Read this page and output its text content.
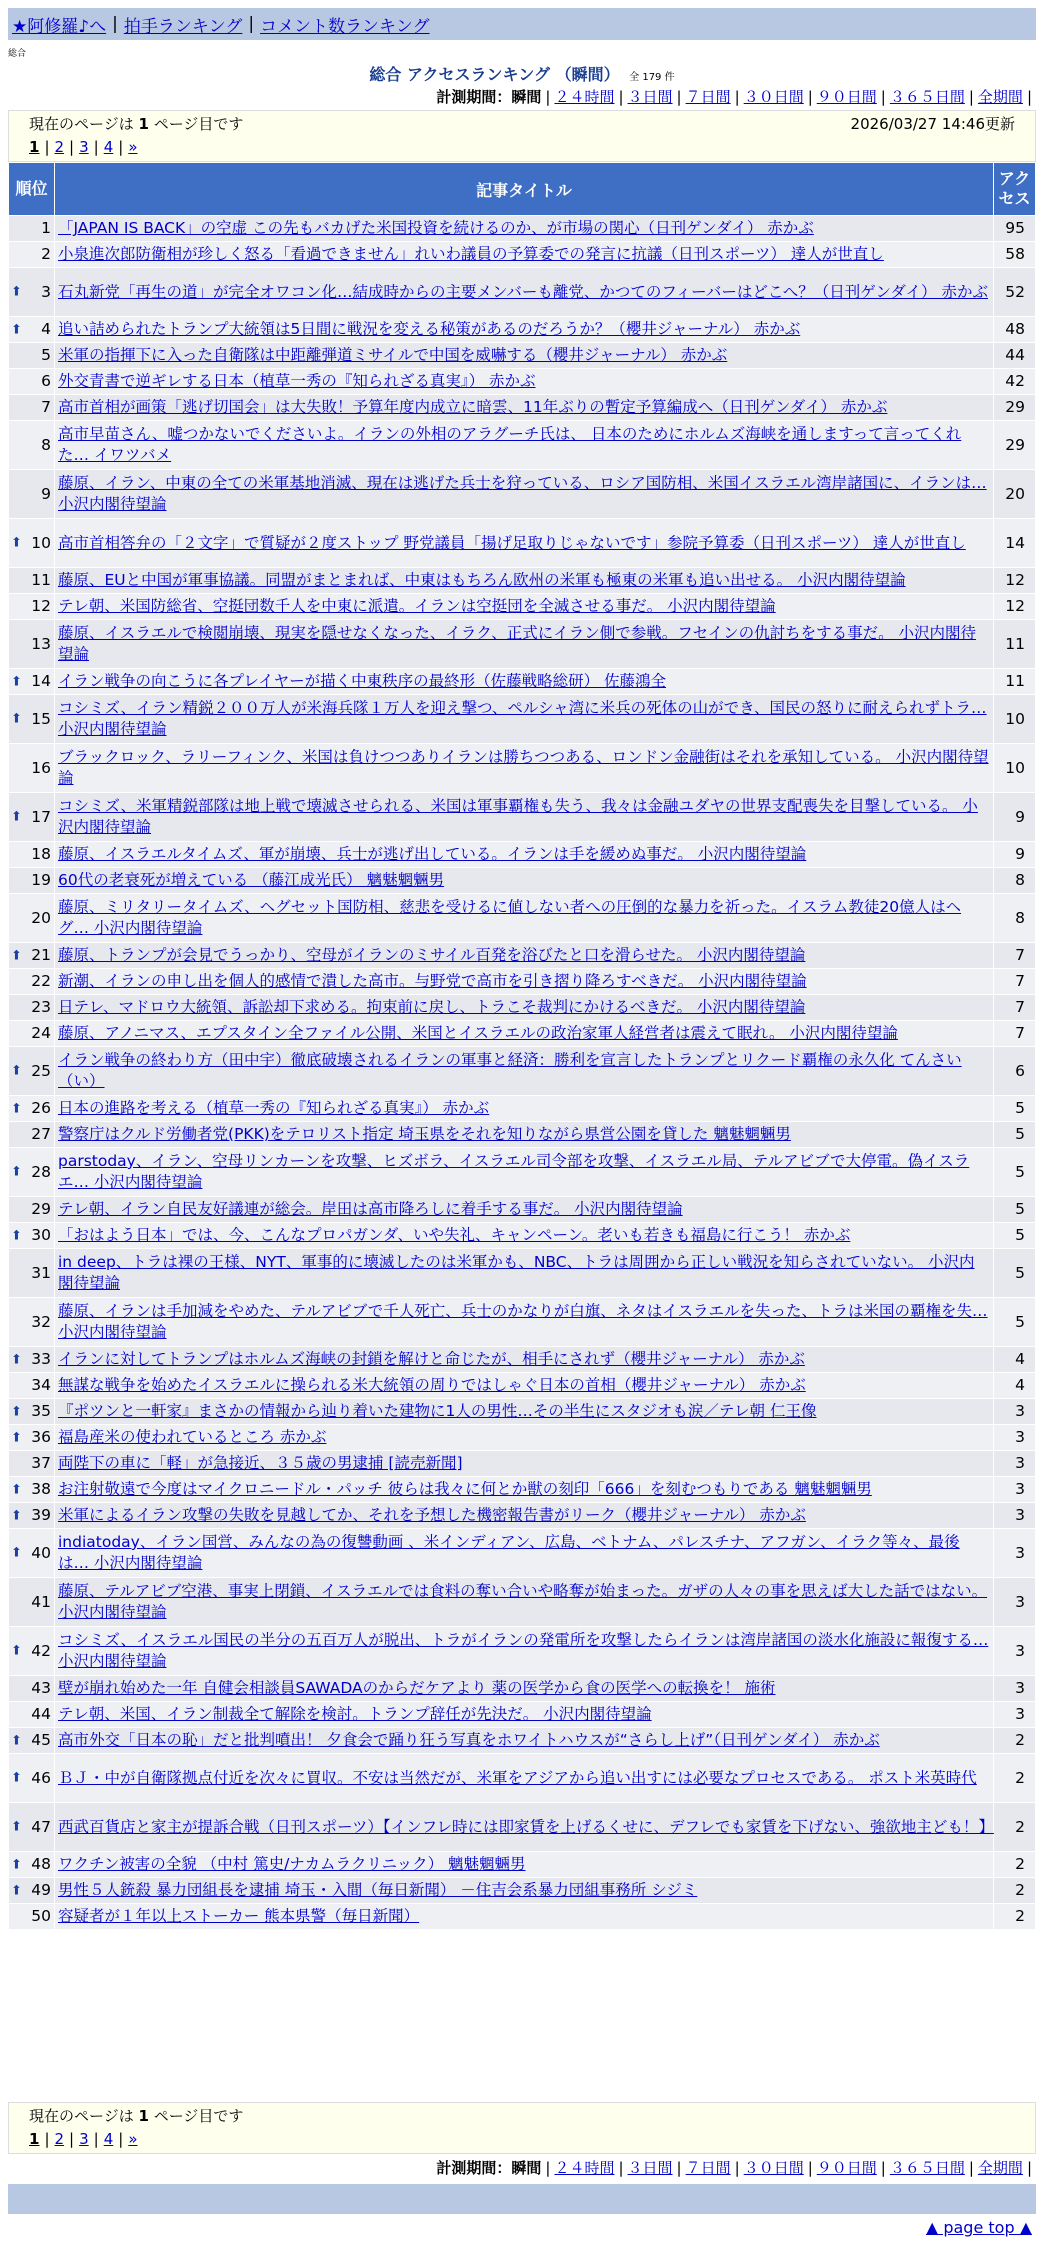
★阿修羅♪へ | 拍手ランキング | コメント数ランキング
総合
総合 アクセスランキング （瞬間） 全 179 件
計測期間：瞬間 | ２４時間 | ３日間 | ７日間 | ３０日間 | ９０日間 | ３６５日間 | 全期間 |
現在のページは 1 ページ目です	2026/03/27 14:46更新
1 | 2 | 3 | 4 | »
順位	記事タイトル	アクセス
1	「JAPAN IS BACK」の空虚 この先もバカげた米国投資を続けるのか、が市場の関心（日刊ゲンダイ） 赤かぶ	95
2	小泉進次郎防衛相が珍しく怒る「看過できません」れいわ議員の予算委での発言に抗議（日刊スポーツ） 達人が世直し	58

⬆ 3	石丸新党「再生の道」が完全オワコン化…結成時からの主要メンバーも離党、かつてのフィーバーはどこへ？（日刊ゲンダイ） 赤かぶ	52

⬆ 4	追い詰められたトランプ大統領は5日間に戦況を変える秘策があるのだろうか？（櫻井ジャーナル） 赤かぶ	48
5	米軍の指揮下に入った自衛隊は中距離弾道ミサイルで中国を威嚇する（櫻井ジャーナル） 赤かぶ	44
6	外交青書で逆ギレする日本（植草一秀の『知られざる真実』） 赤かぶ	42
7	高市首相が画策「逃げ切国会」は大失敗！予算年度内成立に暗雲、11年ぶりの暫定予算編成へ（日刊ゲンダイ） 赤かぶ	29
8	高市早苗さん、嘘つかないでくださいよ。イランの外相のアラグーチ氏は、 日本のためにホルムズ海峡を通しますって言ってくれた… イワツバメ	29
9	藤原、イラン、中東の全ての米軍基地消滅、現在は逃げた兵士を狩っている、ロシア国防相、米国イスラエル湾岸諸国に、イランは… 小沢内閣待望論	20

⬆ 10	高市首相答弁の「２文字」で質疑が２度ストップ 野党議員「揚げ足取りじゃないです」参院予算委（日刊スポーツ） 達人が世直し	14
11	藤原、EUと中国が軍事協議。同盟がまとまれば、中東はもちろん欧州の米軍も極東の米軍も追い出せる。 小沢内閣待望論	12
12	テレ朝、米国防総省、空挺団数千人を中東に派遣。イランは空挺団を全滅させる事だ。 小沢内閣待望論	12
13	藤原、イスラエルで検閲崩壊、現実を隠せなくなった、イラク、正式にイラン側で参戦。フセインの仇討ちをする事だ。 小沢内閣待望論	11

⬆ 14	イラン戦争の向こうに各プレイヤーが描く中東秩序の最終形（佐藤戦略総研） 佐藤鴻全	11

⬆ 15	コシミズ、イラン精鋭２００万人が米海兵隊１万人を迎え撃つ、ペルシャ湾に米兵の死体の山ができ、国民の怒りに耐えられずトラ… 小沢内閣待望論	10
16	ブラックロック、ラリーフィンク、米国は負けつつありイランは勝ちつつある、ロンドン金融街はそれを承知している。 小沢内閣待望論	10

⬆ 17	コシミズ、米軍精鋭部隊は地上戦で壊滅させられる、米国は軍事覇権も失う、我々は金融ユダヤの世界支配喪失を目撃している。 小沢内閣待望論	9
18	藤原、イスラエルタイムズ、軍が崩壊、兵士が逃げ出している。イランは手を緩めぬ事だ。 小沢内閣待望論	9
19	60代の老衰死が増えている （藤江成光氏） 魑魅魍魎男	8
20	藤原、ミリタリータイムズ、ヘグセット国防相、慈悲を受けるに値しない者への圧倒的な暴力を祈った。イスラム教徒20億人はヘグ… 小沢内閣待望論	8

⬆ 21	藤原、トランプが会見でうっかり、空母がイランのミサイル百発を浴びたと口を滑らせた。 小沢内閣待望論	7
22	新潮、イランの申し出を個人的感情で潰した高市。与野党で高市を引き摺り降ろすべきだ。 小沢内閣待望論	7
23	日テレ、マドロウ大統領、訴訟却下求める。拘束前に戻し、トラこそ裁判にかけるべきだ。 小沢内閣待望論	7
24	藤原、アノニマス、エプスタイン全ファイル公開、米国とイスラエルの政治家軍人経営者は震えて眠れ。 小沢内閣待望論	7

⬆ 25	イラン戦争の終わり方（田中宇）徹底破壊されるイランの軍事と経済：勝利を宣言したトランプとリクード覇権の永久化 てんさい（い）	6

⬆ 26	日本の進路を考える（植草一秀の『知られざる真実』） 赤かぶ	5
27	警察庁はクルド労働者党(PKK)をテロリスト指定 埼玉県をそれを知りながら県営公園を貸した 魑魅魍魎男	5

⬆ 28	parstoday、イラン、空母リンカーンを攻撃、ヒズボラ、イスラエル司令部を攻撃、イスラエル局、テルアビブで大停電。偽イスラエ… 小沢内閣待望論	5
29	テレ朝、イラン自民友好議連が総会。岸田は高市降ろしに着手する事だ。 小沢内閣待望論	5

⬆ 30	「おはよう日本」では、今、こんなプロパガンダ、いや失礼、キャンペーン。老いも若きも福島に行こう！ 赤かぶ	5
31	in deep、トラは裸の王様、NYT、軍事的に壊滅したのは米軍かも、NBC、トラは周囲から正しい戦況を知らされていない。 小沢内閣待望論	5
32	藤原、イランは手加減をやめた、テルアビブで千人死亡、兵士のかなりが白旗、ネタはイスラエルを失った、トラは米国の覇権を失… 小沢内閣待望論	5

⬆ 33	イランに対してトランプはホルムズ海峡の封鎖を解けと命じたが、相手にされず（櫻井ジャーナル） 赤かぶ	4
34	無謀な戦争を始めたイスラエルに操られる米大統領の周りではしゃぐ日本の首相（櫻井ジャーナル） 赤かぶ	4

⬆ 35	『ポツンと一軒家』まさかの情報から辿り着いた建物に1人の男性…その半生にスタジオも涙／テレ朝 仁王像	3

⬆ 36	福島産米の使われているところ 赤かぶ	3
37	両陛下の車に「軽」が急接近、３５歳の男逮捕 [読売新聞]	3

⬆ 38	お注射敬遠で今度はマイクロニードル・パッチ 彼らは我々に何とか獣の刻印「666」を刻むつもりである 魑魅魍魎男	3

⬆ 39	米軍によるイラン攻撃の失敗を見越してか、それを予想した機密報告書がリーク（櫻井ジャーナル） 赤かぶ	3

⬆ 40	indiatoday、イラン国営、みんなの為の復讐動画 、米インディアン、広島、ベトナム、パレスチナ、アフガン、イラク等々、最後は… 小沢内閣待望論	3
41	藤原、テルアビブ空港、事実上閉鎖、イスラエルでは食料の奪い合いや略奪が始まった。ガザの人々の事を思えば大した話ではない。 小沢内閣待望論	3

⬆ 42	コシミズ、イスラエル国民の半分の五百万人が脱出、トラがイランの発電所を攻撃したらイランは湾岸諸国の淡水化施設に報復する… 小沢内閣待望論	3
43	壁が崩れ始めた一年 自健会相談員SAWADAのからだケアより 薬の医学から食の医学への転換を！ 施術	3
44	テレ朝、米国、イラン制裁全て解除を検討。トランプ辞任が先決だ。 小沢内閣待望論	3

⬆ 45	高市外交「日本の恥」だと批判噴出！ 夕食会で踊り狂う写真をホワイトハウスが“さらし上げ”（日刊ゲンダイ） 赤かぶ	2

⬆ 46	ＢＪ・中が自衛隊拠点付近を次々に買収。不安は当然だが、米軍をアジアから追い出すには必要なプロセスである。 ポスト米英時代	2

⬆ 47	西武百貨店と家主が提訴合戦（日刊スポーツ）【インフレ時には即家賃を上げるくせに、デフレでも家賃を下げない、強欲地主ども！】	2

⬆ 48	ワクチン被害の全貌 （中村 篤史/ナカムラクリニック） 魑魅魍魎男	2

⬆ 49	男性５人銃殺 暴力団組長を逮捕 埼玉・入間（毎日新聞） －住吉会系暴力団組事務所 シジミ	2
50	容疑者が１年以上ストーカー 熊本県警（毎日新聞）	2
現在のページは 1 ページ目です
1 | 2 | 3 | 4 | »
計測期間：瞬間 | ２４時間 | ３日間 | ７日間 | ３０日間 | ９０日間 | ３６５日間 | 全期間 |
▲ page top ▲
